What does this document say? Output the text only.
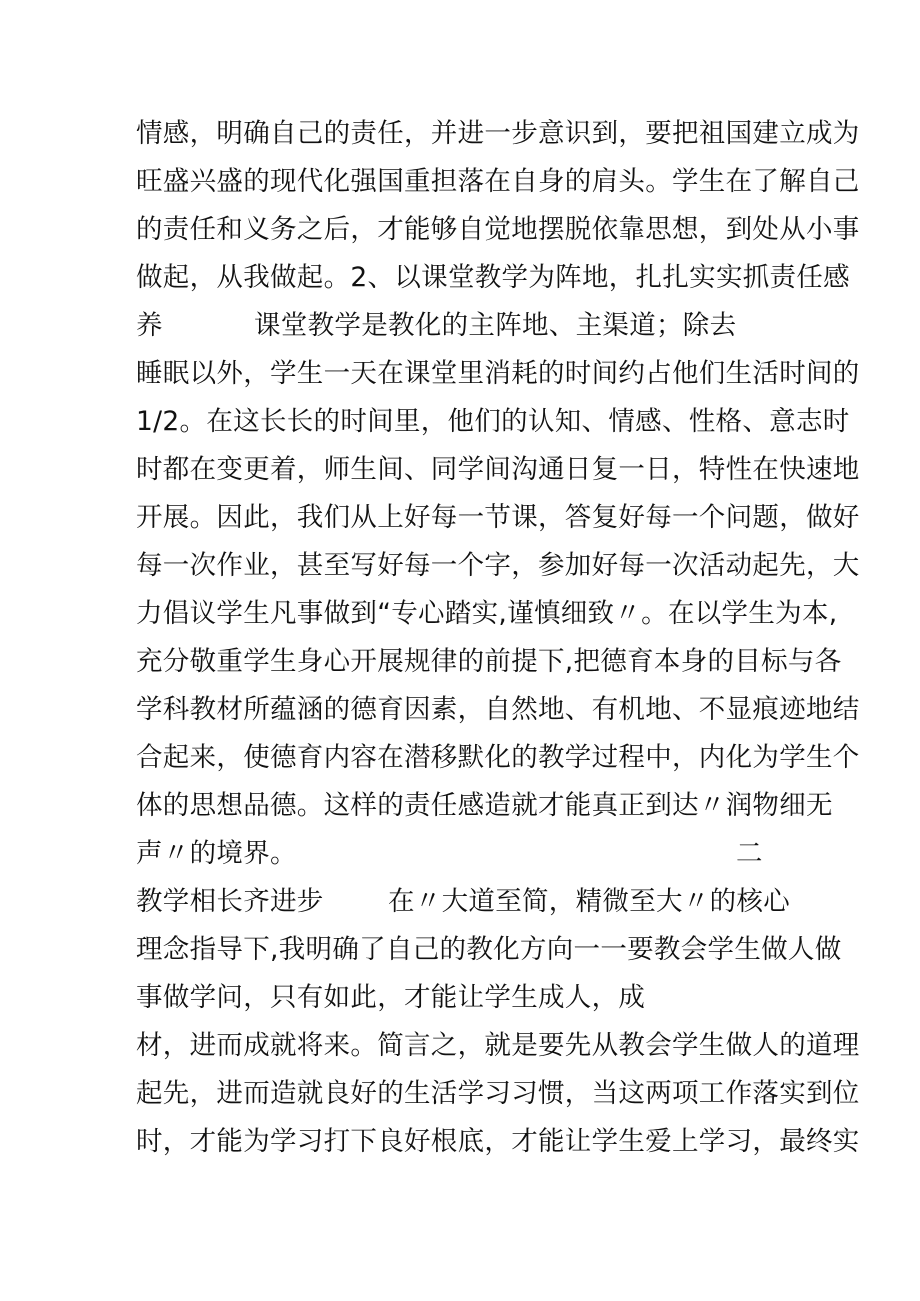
情感，明确自己的责任，并进一步意识到，要把祖国建立成为
旺盛兴盛的现代化强国重担落在自身的肩头。学生在了解自己
的责任和义务之后，才能够自觉地摆脱依靠思想，到处从小事
做起，从我做起。2、以课堂教学为阵地，扎扎实实抓责任感
养	课堂教学是教化的主阵地、主渠道；除去
睡眠以外，学生一天在课堂里消耗的时间约占他们生活时间的
1/2。在这长长的时间里，他们的认知、情感、性格、意志时
时都在变更着，师生间、同学间沟通日复一日，特性在快速地
开展。因此，我们从上好每一节课，答复好每一个问题，做好
每一次作业，甚至写好每一个字，参加好每一次活动起先，大
力倡议学生凡事做到“专心踏实,谨慎细致〃。在以学生为本,
充分敬重学生身心开展规律的前提下,把德育本身的目标与各
学科教材所蕴涵的德育因素，自然地、有机地、不显痕迹地结
合起来，使德育内容在潜移默化的教学过程中，内化为学生个
体的思想品德。这样的责任感造就才能真正到达〃润物细无
声〃的境界。	二
教学相长齐进步 在〃大道至简，精微至大〃的核心
理念指导下,我明确了自己的教化方向一一要教会学生做人做
事做学问，只有如此，才能让学生成人，成
材，进而成就将来。简言之，就是要先从教会学生做人的道理
起先，进而造就良好的生活学习习惯，当这两项工作落实到位
时，才能为学习打下良好根底，才能让学生爱上学习，最终实
